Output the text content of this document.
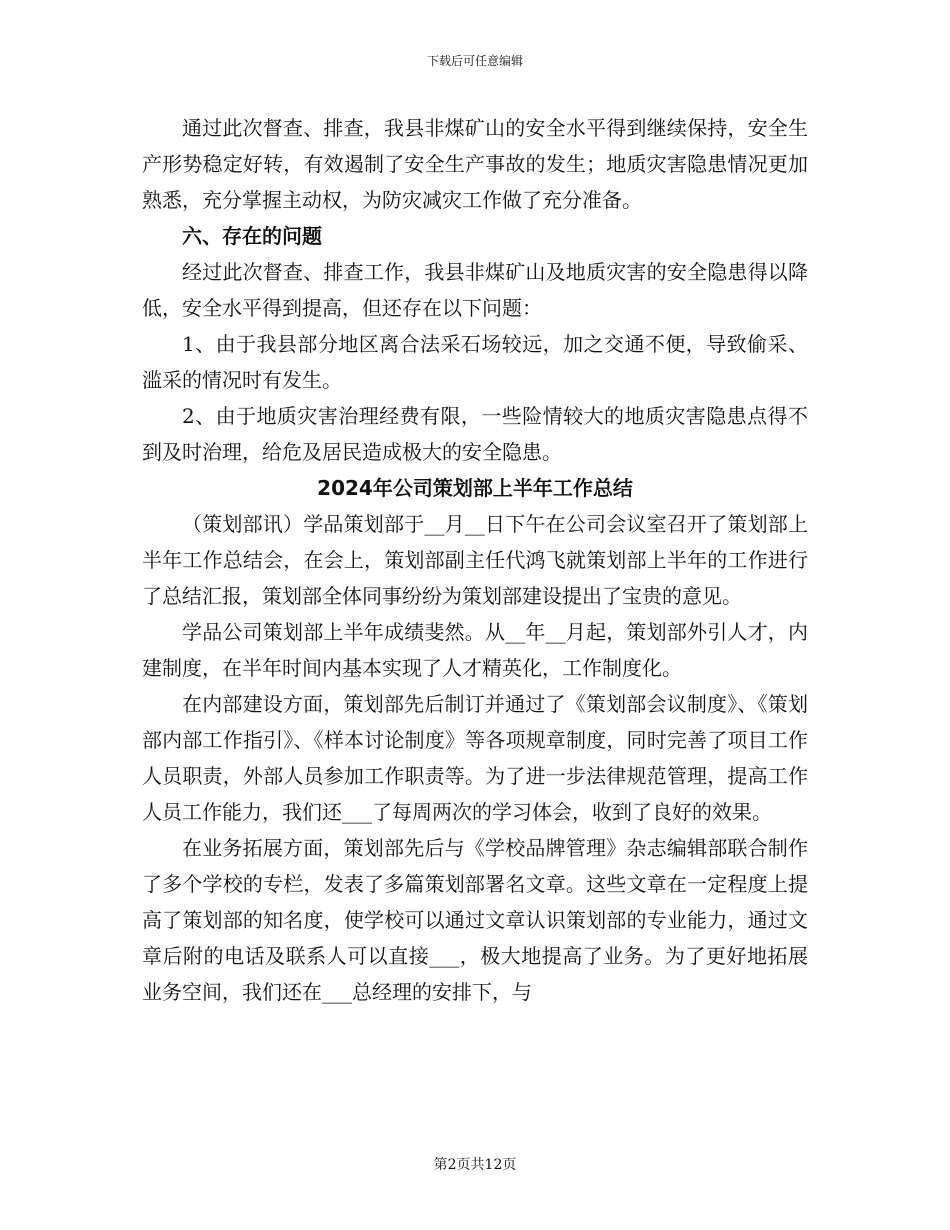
下载后可任意编辑

通过此次督查、排查，我县非煤矿山的安全水平得到继续保持，安全生产形势稳定好转，有效遏制了安全生产事故的发生；地质灾害隐患情况更加熟悉，充分掌握主动权，为防灾减灾工作做了充分准备。

六、存在的问题

经过此次督查、排查工作，我县非煤矿山及地质灾害的安全隐患得以降低，安全水平得到提高，但还存在以下问题：

1、由于我县部分地区离合法采石场较远，加之交通不便，导致偷采、滥采的情况时有发生。

2、由于地质灾害治理经费有限，一些险情较大的地质灾害隐患点得不到及时治理，给危及居民造成极大的安全隐患。

2024年公司策划部上半年工作总结

（策划部讯）学品策划部于__月__日下午在公司会议室召开了策划部上半年工作总结会，在会上，策划部副主任代鸿飞就策划部上半年的工作进行了总结汇报，策划部全体同事纷纷为策划部建设提出了宝贵的意见。

学品公司策划部上半年成绩斐然。从__年__月起，策划部外引人才，内建制度，在半年时间内基本实现了人才精英化，工作制度化。

在内部建设方面，策划部先后制订并通过了《策划部会议制度》、《策划部内部工作指引》、《样本讨论制度》等各项规章制度，同时完善了项目工作人员职责，外部人员参加工作职责等。为了进一步法律规范管理，提高工作人员工作能力，我们还___了每周两次的学习体会，收到了良好的效果。

在业务拓展方面，策划部先后与《学校品牌管理》杂志编辑部联合制作了多个学校的专栏，发表了多篇策划部署名文章。这些文章在一定程度上提高了策划部的知名度，使学校可以通过文章认识策划部的专业能力，通过文章后附的电话及联系人可以直接___，极大地提高了业务。为了更好地拓展业务空间，我们还在___总经理的安排下，与

第2页共12页
